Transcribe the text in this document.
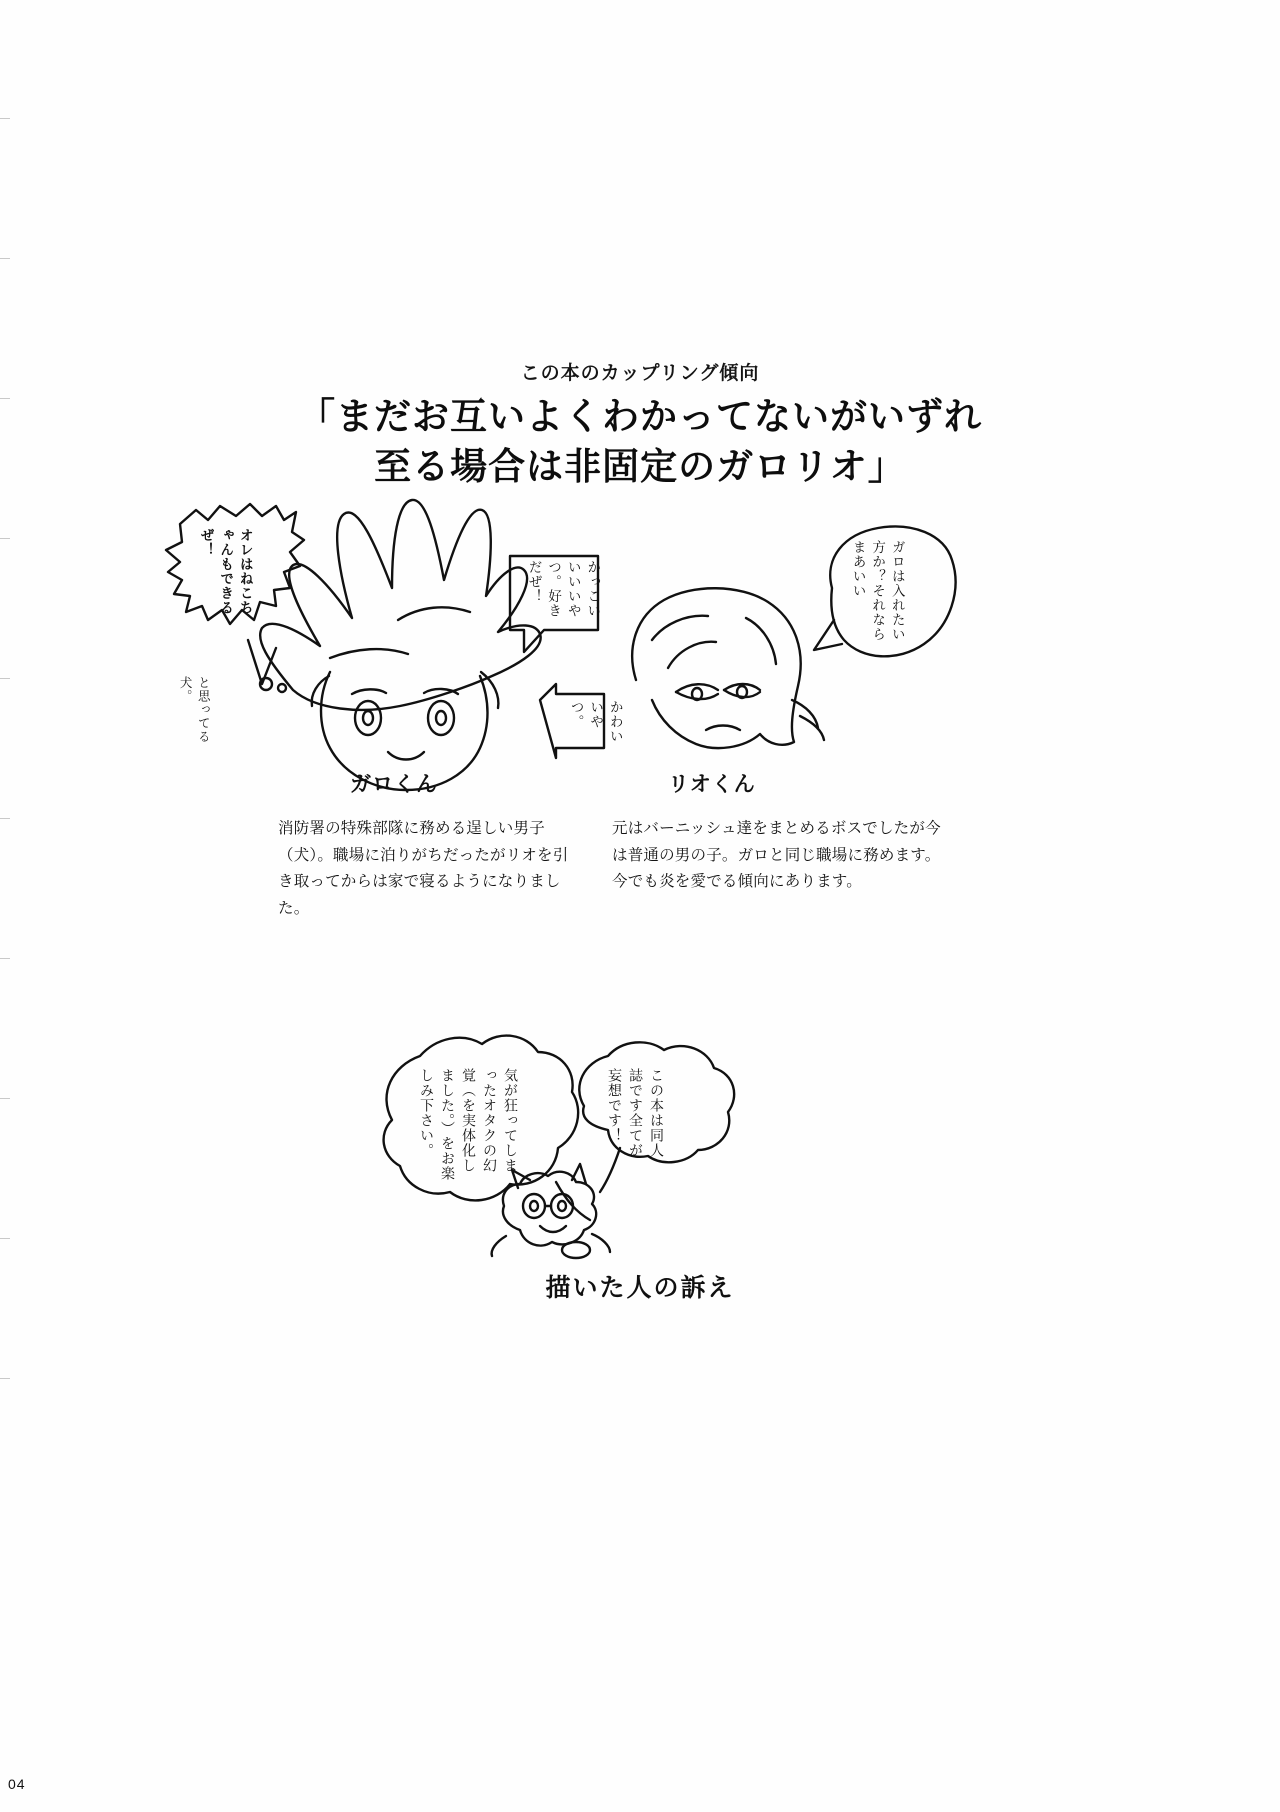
この本のカップリング傾向
「まだお互いよくわかってないがいずれ
至る場合は非固定のガロリオ」
オレはねこちゃんもできるぜ！
と思ってる犬。
かっこいいいいやつ。好きだぜ！
かわいいやつ。
ガロは入れたい方か？それならまあいい
ガロくん	リオくん
消防署の特殊部隊に務める逞しい男子（犬）。職場に泊りがちだったがリオを引き取ってからは家で寝るようになりました。
元はバーニッシュ達をまとめるボスでしたが今は普通の男の子。ガロと同じ職場に務めます。今でも炎を愛でる傾向にあります。
この本は同人誌です全てが妄想です！
気が狂ってしまったオタクの幻覚（を実体化しました。）をお楽しみ下さい。
描いた人の訴え
04
